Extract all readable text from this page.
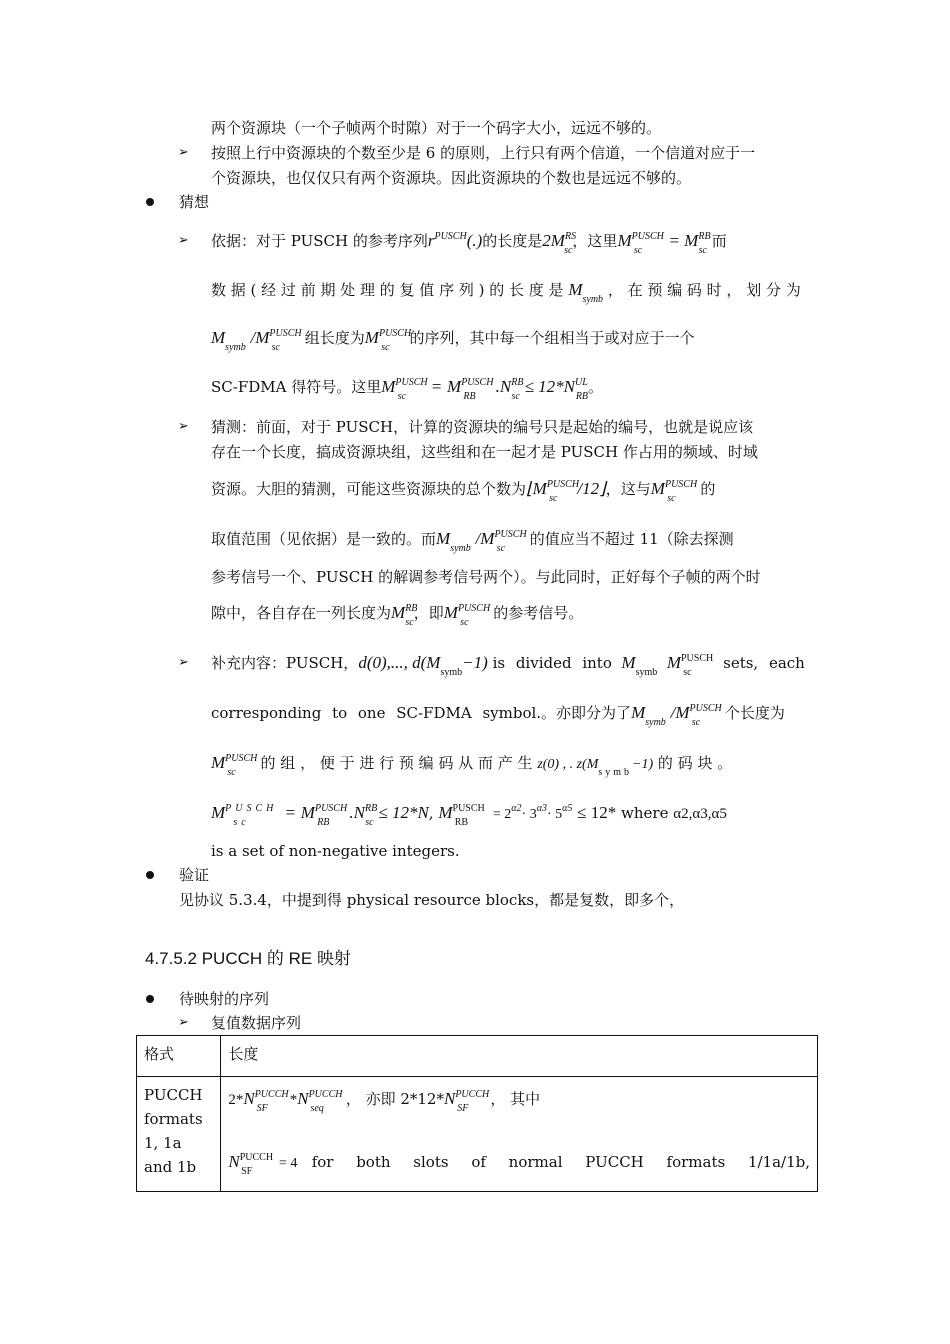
两个资源块（一个子帧两个时隙）对于一个码字大小，远远不够的。
➢ 按照上行中资源块的个数至少是 6 的原则，上行只有两个信道，一个信道对应于一
个资源块，也仅仅只有两个资源块。因此资源块的个数也是远远不够的。
猜想
➢ 依据：对于 PUSCH 的参考序列$r^{PUSCH}(.)$的长度是$2M^{RS}_{sc}$，这里$M^{PUSCH}_{sc} = M^{RB}_{sc}$ 而
数 据 ( 经 过 前 期 处 理 的 复 值 序 列 ) 的 长 度 是 $M_{symb}$ ， 在 预 编 码 时 ， 划 分 为
$M_{symb}$ $/M^{PUSCH}_{sc}$ 组长度为$M^{PUSCH}_{sc}$的序列，其中每一个组相当于或对应于一个
SC-FDMA 得符号。这里$M^{PUSCH}_{sc} = M^{PUSCH}_{RB}.N^{RB}_{sc} \le 12*N^{UL}_{RB}$。
➢ 猜测：前面，对于 PUSCH，计算的资源块的编号只是起始的编号，也就是说应该
存在一个长度，搞成资源块组，这些组和在一起才是 PUSCH 作占用的频域、时域
资源。大胆的猜测，可能这些资源块的总个数为$⌊M^{PUSCH}_{sc}/12⌋$，这与$M^{PUSCH}_{sc}$ 的
取值范围（见依据）是一致的。而$M_{symb}$ $/M^{PUSCH}_{sc}$ 的值应当不超过 11（除去探测
参考信号一个、PUSCH 的解调参考信号两个）。与此同时，正好每个子帧的两个时
隙中，各自存在一列长度为$M^{RB}_{sc}$，即$M^{PUSCH}_{sc}$ 的参考信号。
➢ 补充内容：PUSCH，d(0),..., $d(M_{symb}-1)$ is divided into $M_{symb}$  $M^{PUSCH}_{sc}$  sets, each
corresponding to one SC-FDMA symbol.。亦即分为了$M_{symb}$ $/M^{PUSCH}_{sc}$ 个长度为
$M^{PUSCH}_{sc}$ 的 组 ， 便 于 进 行 预 编 码 从 而 产 生 z(0) , . $z(M_{symb}-1)$ 的 码 块 。
$M^{PUSCH}_{sc} = M^{PUSCH}_{RB}.N^{RB}_{sc} \le 12*N$, $M^{PUSCH}_{RB} = 2^{\alpha 2}\cdot 3^{\alpha 3}\cdot 5^{\alpha 5} \le 12*$ where α2,α3,α5
is a set of non-negative integers.
验证
见协议 5.3.4，中提到得 physical resource blocks，都是复数，即多个，
4.7.5.2 PUCCH 的 RE 映射
待映射的序列
➢ 复值数据序列
格式	长度
PUCCH formats 1, 1a and 1b	$2*N^{PUCCH}_{SF}*N^{PUCCH}_{seq}$， 亦即 $2*12*N^{PUCCH}_{SF}$， 其中
$N^{PUCCH}_{SF} = 4$ for both slots of normal PUCCH formats 1/1a/1b,
